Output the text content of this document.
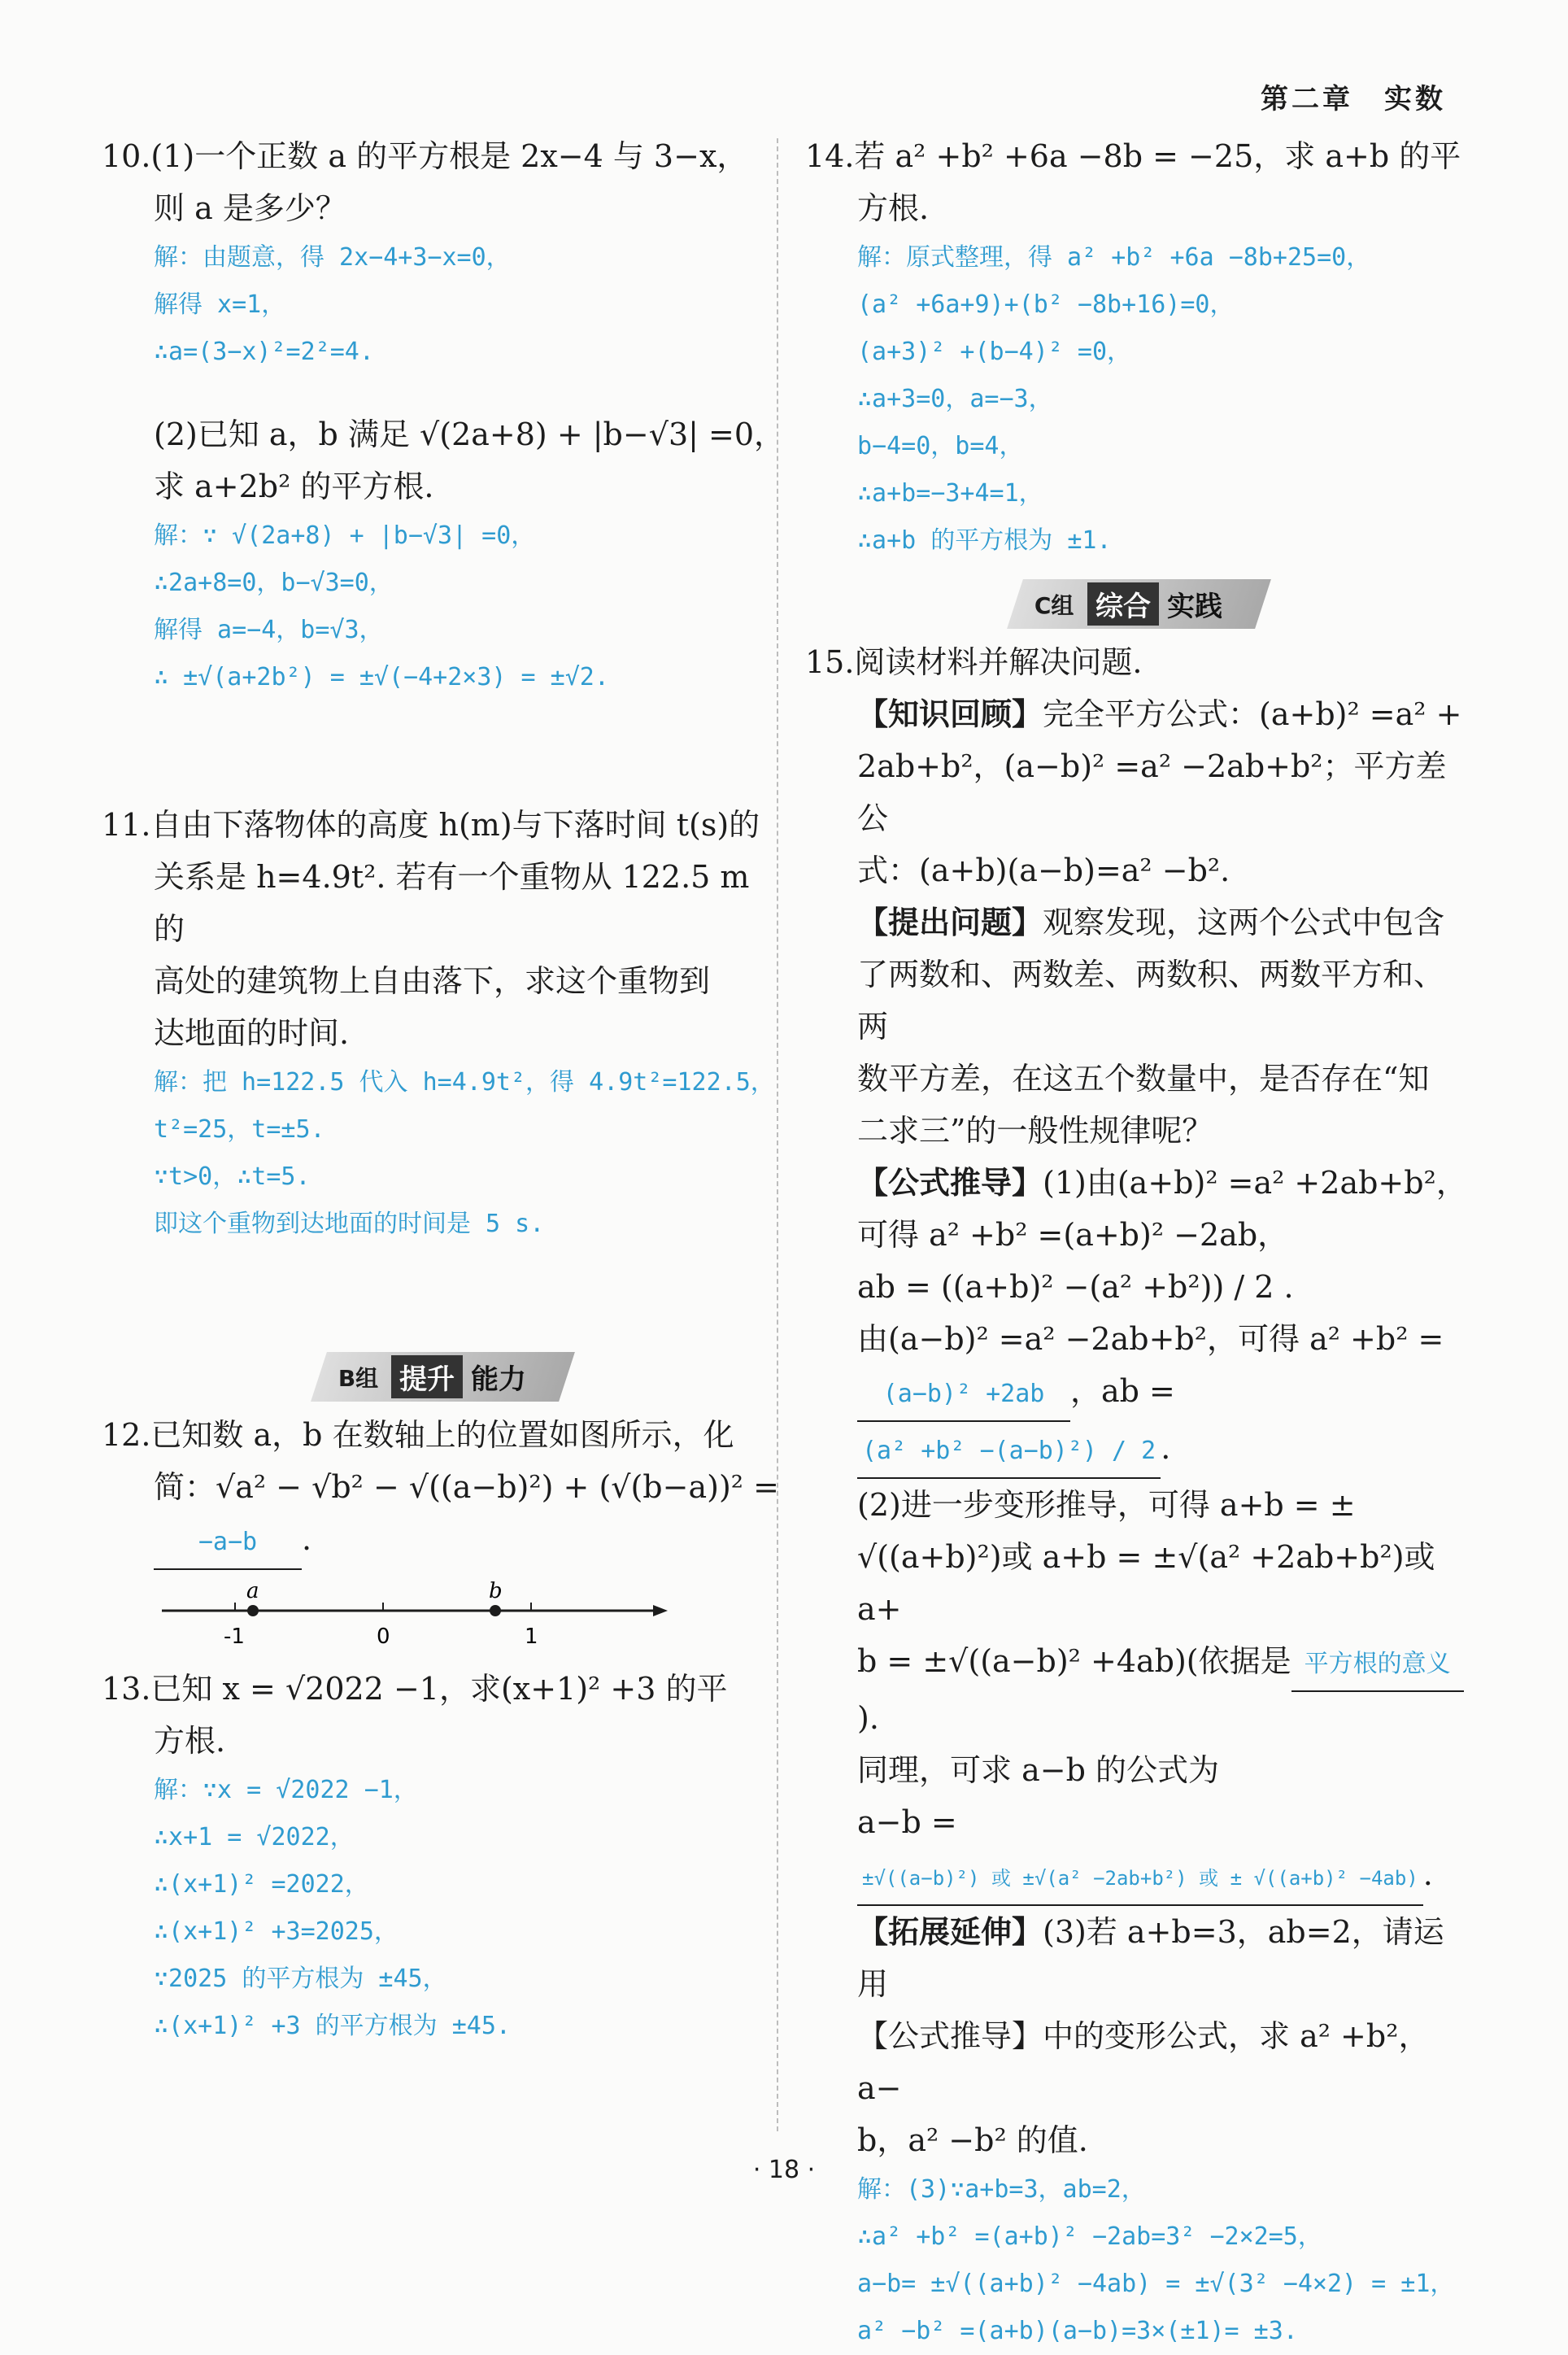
第二章　实数

10.(1)一个正数 a 的平方根是 2x−4 与 3−x，

则 a 是多少？

解：由题意，得 2x−4+3−x=0，

解得 x=1，

∴a=(3−x)²=2²=4.

(2)已知 a，b 满足 √(2a+8) + |b−√3| =0，

求 a+2b² 的平方根.

解：∵ √(2a+8) + |b−√3| =0，

∴2a+8=0，b−√3=0，

解得 a=−4，b=√3，

∴ ±√(a+2b²) = ±√(−4+2×3) = ±√2.

11.自由下落物体的高度 h(m)与下落时间 t(s)的

关系是 h=4.9t². 若有一个重物从 122.5 m 的

高处的建筑物上自由落下，求这个重物到

达地面的时间.

解：把 h=122.5 代入 h=4.9t²，得 4.9t²=122.5，

t²=25，t=±5.

∵t>0，∴t=5.

即这个重物到达地面的时间是 5 s.

B组 提升 能力

12.已知数 a，b 在数轴上的位置如图所示，化

简：√a² − √b² − √((a−b)²) + (√(b−a))² =

−a−b .

a	b
-1	0	1

13.已知 x = √2022 −1，求(x+1)² +3 的平

方根.

解：∵x = √2022 −1，

∴x+1 = √2022，

∴(x+1)² =2022，

∴(x+1)² +3=2025，

∵2025 的平方根为 ±45，

∴(x+1)² +3 的平方根为 ±45.

14.若 a² +b² +6a −8b = −25，求 a+b 的平

方根.

解：原式整理，得 a² +b² +6a −8b+25=0，

(a² +6a+9)+(b² −8b+16)=0，

(a+3)² +(b−4)² =0，

∴a+3=0，a=−3，

b−4=0，b=4，

∴a+b=−3+4=1，

∴a+b 的平方根为 ±1.

C组 综合 实践

15.阅读材料并解决问题.

【知识回顾】完全平方公式：(a+b)² =a² +

2ab+b²，(a−b)² =a² −2ab+b²；平方差公

式：(a+b)(a−b)=a² −b².

【提出问题】观察发现，这两个公式中包含

了两数和、两数差、两数积、两数平方和、两

数平方差，在这五个数量中，是否存在“知

二求三”的一般性规律呢？

【公式推导】(1)由(a+b)² =a² +2ab+b²，

可得 a² +b² =(a+b)² −2ab，

ab = ((a+b)² −(a² +b²)) / 2 .

由(a−b)² =a² −2ab+b²，可得 a² +b² =

(a−b)² +2ab ，ab = (a² +b² −(a−b)²) / 2 .

(2)进一步变形推导，可得 a+b = ±

√((a+b)²)或 a+b = ±√(a² +2ab+b²)或 a+

b = ±√((a−b)² +4ab)(依据是 平方根的意义).

同理，可求 a−b 的公式为

a−b =

±√((a−b)²) 或 ±√(a² −2ab+b²) 或 ± √((a+b)² −4ab) .

【拓展延伸】(3)若 a+b=3，ab=2，请运用

【公式推导】中的变形公式，求 a² +b²，a−

b，a² −b² 的值.

解：(3)∵a+b=3，ab=2，

∴a² +b² =(a+b)² −2ab=3² −2×2=5，

a−b= ±√((a+b)² −4ab) = ±√(3² −4×2) = ±1，

a² −b² =(a+b)(a−b)=3×(±1)= ±3.

· 18 ·
